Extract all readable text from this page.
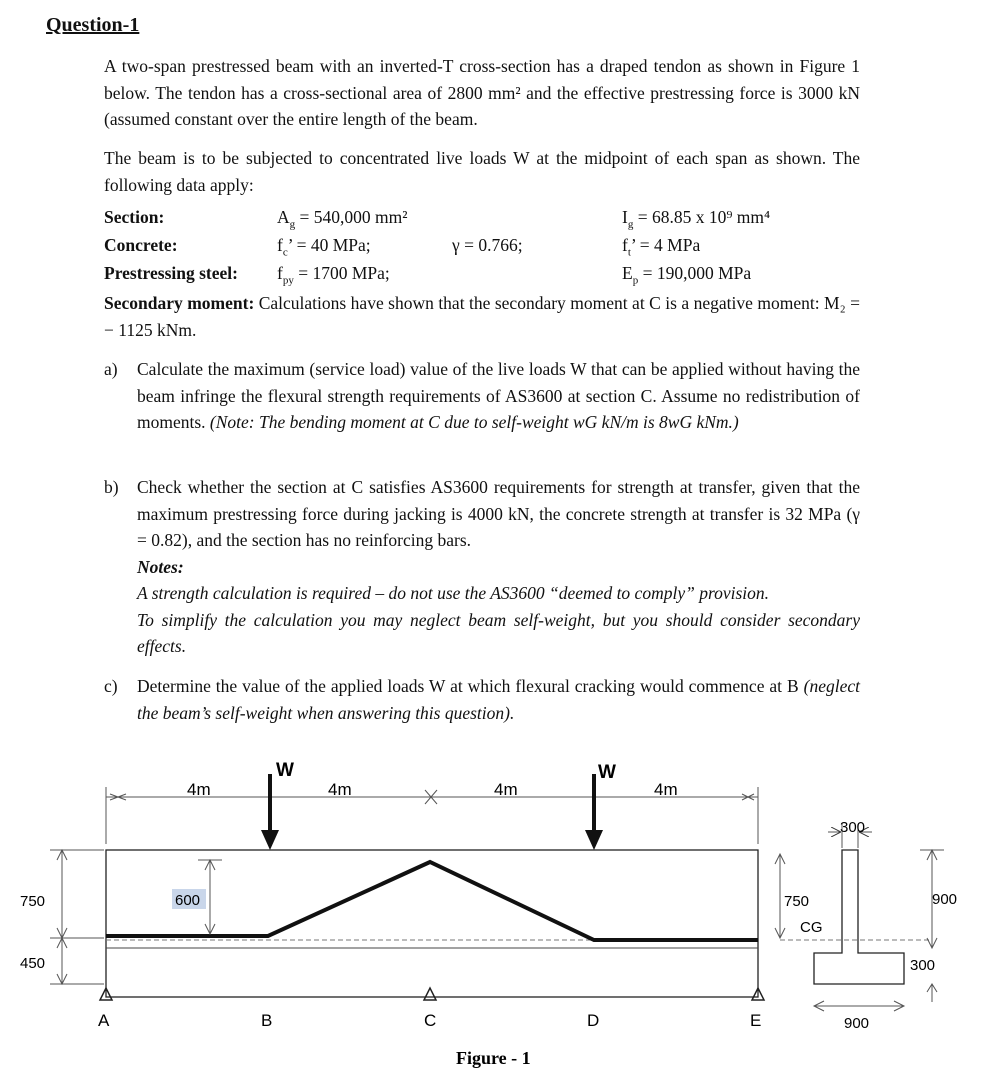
Question-1
A two-span prestressed beam with an inverted-T cross-section has a draped tendon as shown in Figure 1 below. The tendon has a cross-sectional area of 2800 mm² and the effective prestressing force is 3000 kN (assumed constant over the entire length of the beam.
The beam is to be subjected to concentrated live loads W at the midpoint of each span as shown. The following data apply:
Section:	$A_g = 540,000$ mm²	$I_g = 68.85$ x 10⁹ mm⁴
Concrete:	$f_c$’ = 40 MPa;	γ = 0.766;	$f_t$’ = 4 MPa
Prestressing steel: $f_{py} = 1700$ MPa;	$E_p = 190,000$ MPa
Secondary moment: Calculations have shown that the secondary moment at C is a negative moment: M₂ = − 1125 kNm.
a) Calculate the maximum (service load) value of the live loads W that can be applied without having the beam infringe the flexural strength requirements of AS3600 at section C. Assume no redistribution of moments. (Note: The bending moment at C due to self-weight wG kN/m is 8wG kNm.)
b) Check whether the section at C satisfies AS3600 requirements for strength at transfer, given that the maximum prestressing force during jacking is 4000 kN, the concrete strength at transfer is 32 MPa (γ = 0.82), and the section has no reinforcing bars.
Notes:
A strength calculation is required – do not use the AS3600 “deemed to comply” provision.
To simplify the calculation you may neglect beam self-weight, but you should consider secondary effects.
c) Determine the value of the applied loads W at which flexural cracking would commence at B (neglect the beam’s self-weight when answering this question).
4m	4m	4m	4m
W	W
600
750
450
A	B	C	D	E
300
750
CG
900
300
900
Figure - 1
